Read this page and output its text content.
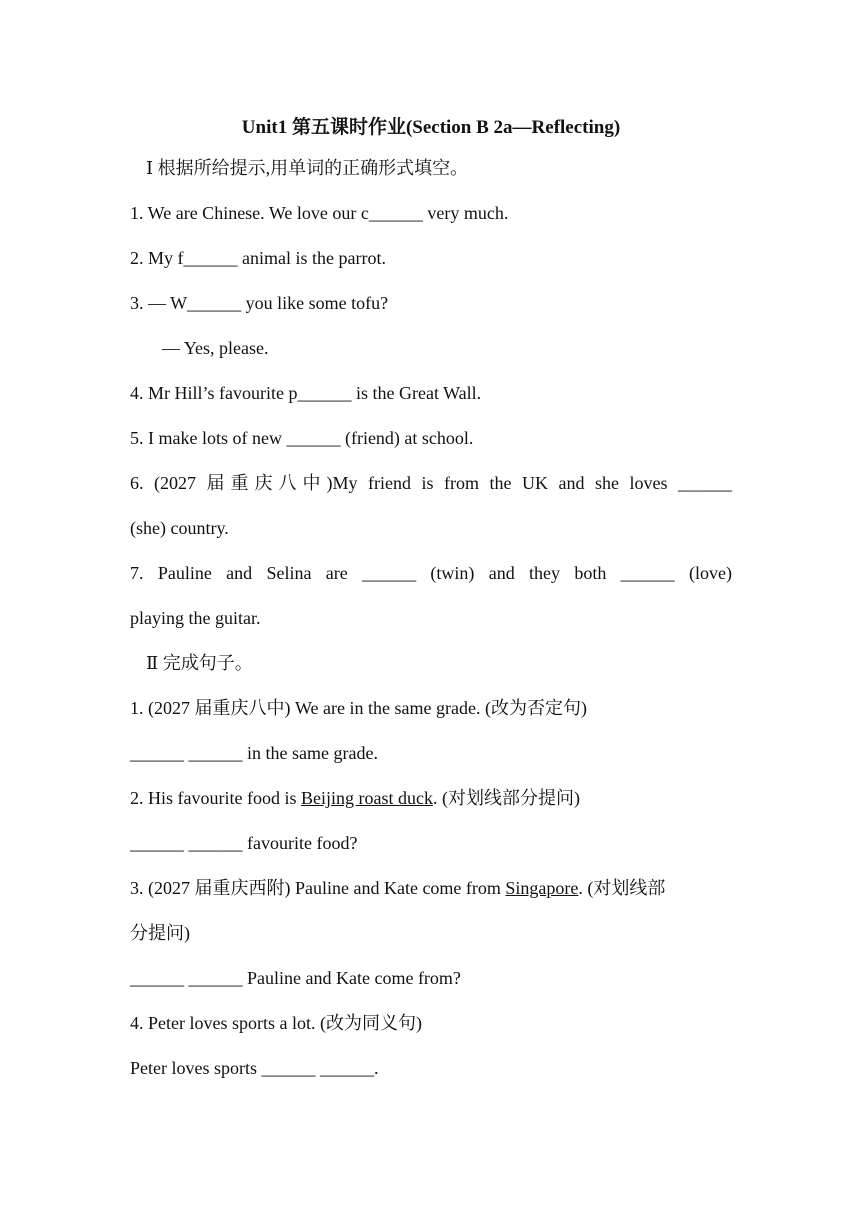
Unit1 第五课时作业(Section B 2a—Reflecting)

Ⅰ 根据所给提示,用单词的正确形式填空。

1. We are Chinese. We love our c______ very much.

2. My f______ animal is the parrot.

3. — W______ you like some tofu?

— Yes, please.

4. Mr Hill’s favourite p______ is the Great Wall.

5. I make lots of new ______ (friend) at school.

6. (2027 届重庆八中)My friend is from the UK and she loves ______

(she) country.

7. Pauline and Selina are ______ (twin) and they both ______ (love)

playing the guitar.

Ⅱ 完成句子。

1. (2027 届重庆八中) We are in the same grade. (改为否定句)

______ ______ in the same grade.

2. His favourite food is Beijing roast duck. (对划线部分提问)

______ ______ favourite food?

3. (2027 届重庆西附) Pauline and Kate come from Singapore. (对划线部

分提问)

______ ______ Pauline and Kate come from?

4. Peter loves sports a lot. (改为同义句)

Peter loves sports ______ ______.
